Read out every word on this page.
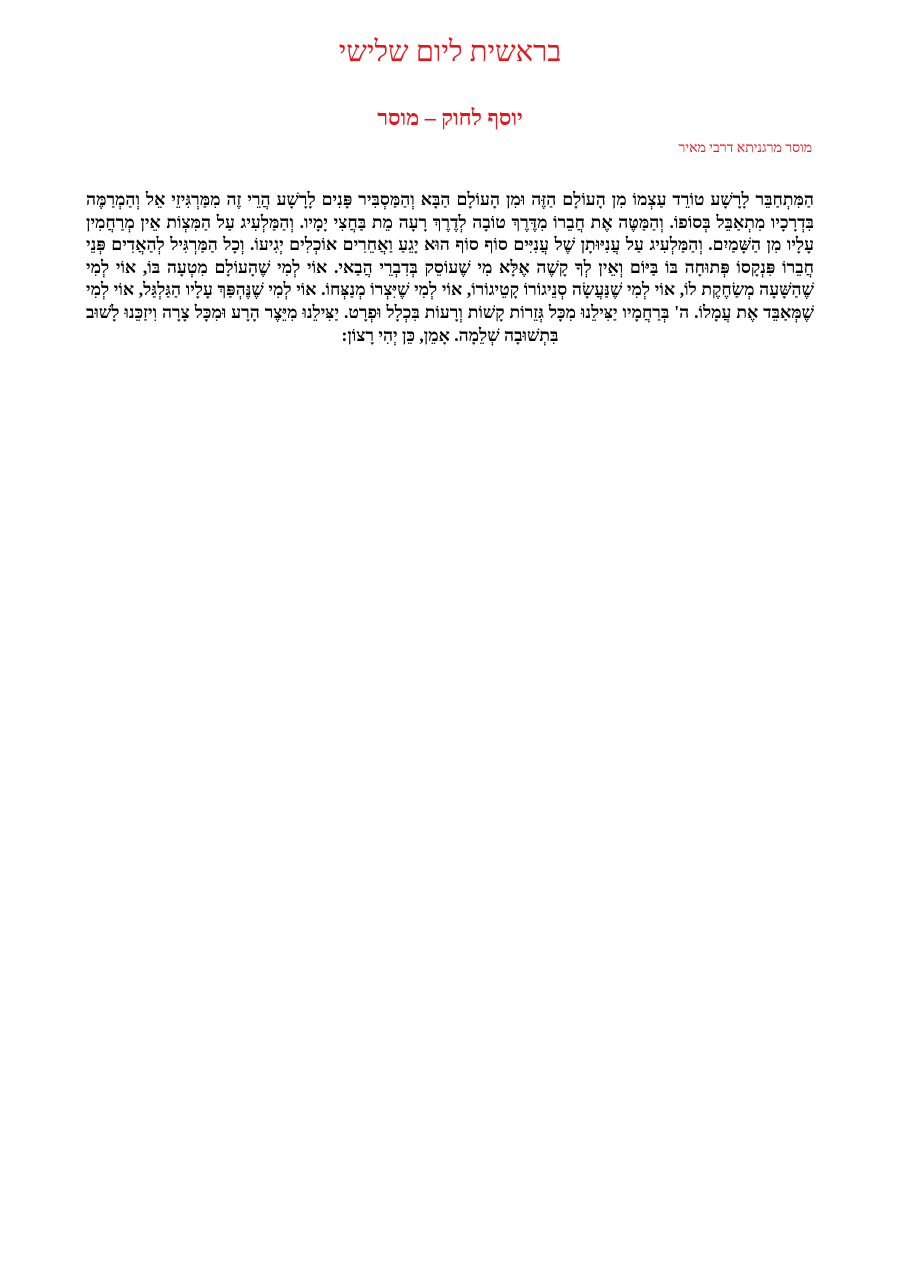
בראשית ליום שלישי
יוסף לחוק – מוסר
מוסר מרגניתא דרבי מאיר

הַמִּתְחַבֵּר לָרָשָׁע טוֹרֵד עַצְמוֹ מִן הָעוֹלָם הַזֶּה וּמִן הָעוֹלָם הַבָּא וְהַמַּסְבִּיר פָּנִים לָרָשָׁע הֲרֵי זֶה מִמַּרְגִּיזֵי אֵל וְהַמְרַמֶּה בִּדְרָכָיו מִתְאַבֵּל בְּסוֹפוֹ. וְהַמַּטֶּה אֶת חֲבֵרוֹ מִדֶּרֶךְ טוֹבָה לְדֶרֶךְ רָעָה מֵת בַּחֲצִי יָמָיו. וְהַמַּלְעִיג עַל הַמִּצְוֹת אֵין מְרַחֲמִין עָלָיו מִן הַשָּׁמַיִם. וְהַמַּלְעִיג עַל עֲנִיּוּתָן שֶׁל עֲנִיִּים סוֹף סוֹף הוּא יָגֵעַ וַאֲחֵרִים אוֹכְלִים יְגִיעוֹ. וְכָל הַמַּרְגִּיל לְהַאֲדִים פְּנֵי חֲבֵרוֹ פִּנְקָסוֹ פְּתוּחָה בּוֹ בַּיּוֹם וְאֵין לְךָ קָשֶׁה אֶלָּא מִי שֶׁעוֹסֵק בְּדִבְרֵי הֲבַאי. אוֹי לְמִי שֶׁהָעוֹלָם מִטְעָה בּוֹ, אוֹי לְמִי שֶׁהַשָּׁעָה מְשַׂחֶקֶת לוֹ, אוֹי לְמִי שֶׁנַּעֲשָׂה סְנֵיגוֹרוֹ קָטֵיגוֹרוֹ, אוֹי לְמִי שֶׁיִּצְרוֹ מְנַצְּחוֹ. אוֹי לְמִי שֶׁנֶּהְפַּךְ עָלָיו הַגַּלְגַּל, אוֹי לְמִי שֶׁמְּאַבֵּד אֶת עֲמָלוֹ. ה' בְּרַחֲמָיו יַצִּילֵנוּ מִכָּל גְּזֵרוֹת קָשׁוֹת וְרָעוֹת בִּכְלָל וּפְרָט. יַצִּילֵנוּ מִיֵּצֶר הָרָע וּמִכָּל צָרָה וִיזַכֵּנוּ לָשׁוּב בִּתְשׁוּבָה שְׁלֵמָה. אָמֵן, כֵּן יְהִי רָצוֹן:
